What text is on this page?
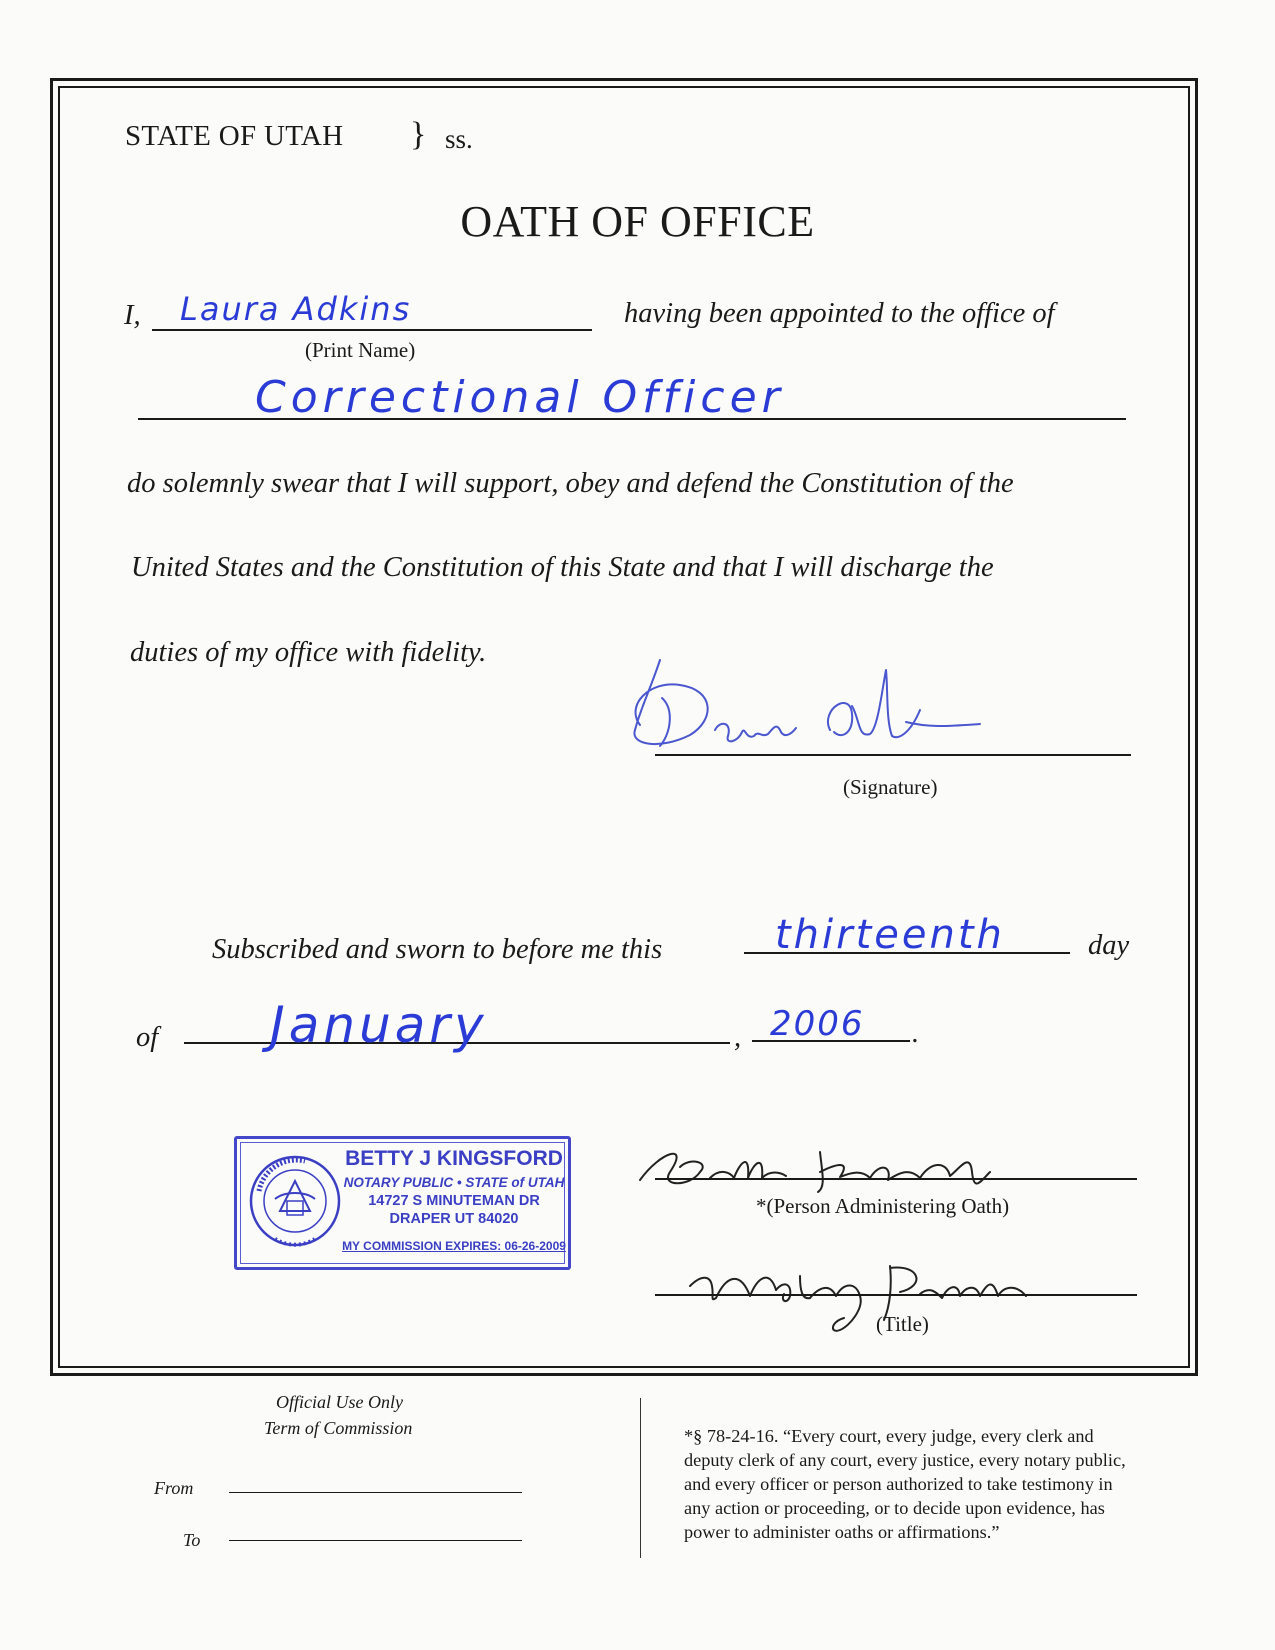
STATE OF UTAH } ss.
OATH OF OFFICE
I, Laura Adkins
(Print Name)
having been appointed to the office of
Correctional Officer
do solemnly swear that I will support, obey and defend the Constitution of the
United States and the Constitution of this State and that I will discharge the
duties of my office with fidelity.
(Signature)
Subscribed and sworn to before me this	thirteenth	day
of January	, 2006 .
BETTY J KINGSFORD
NOTARY PUBLIC • STATE of UTAH
14727 S MINUTEMAN DR
DRAPER UT 84020
MY COMMISSION EXPIRES: 06-26-2009
*(Person Administering Oath)
(Title)
Official Use Only
Term of Commission
From
To
*§ 78-24-16. “Every court, every judge, every clerk and
deputy clerk of any court, every justice, every notary public,
and every officer or person authorized to take testimony in
any action or proceeding, or to decide upon evidence, has
power to administer oaths or affirmations.”
